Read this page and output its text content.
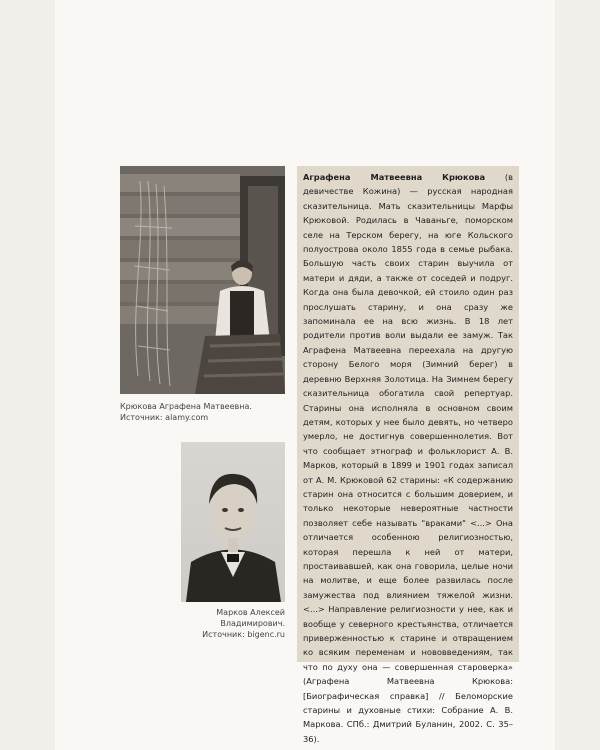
Крюкова Аграфена Матвеевна.
Источник: alamy.com
Марков Алексей
Владимирович.
Источник: bigenc.ru
Аграфена Матвеевна Крюкова (в девичестве Кожина) — русская народная сказительница. Мать сказительницы Марфы Крюковой. Родилась в Чаваньге, поморском селе на Терском берегу, на юге Кольского полуострова около 1855 года в семье рыбака. Большую часть своих старин выучила от матери и дяди, а также от соседей и подруг. Когда она была девочкой, ей стоило один раз прослушать старину, и она сразу же запоминала ее на всю жизнь. В 18 лет родители против воли выдали ее замуж. Так Аграфена Матвеевна переехала на другую сторону Белого моря (Зимний берег) в деревню Верхняя Золотица. На Зимнем берегу сказительница обогатила свой репертуар. Старины она исполняла в основном своим детям, которых у нее было девять, но четверо умерло, не достигнув совершеннолетия. Вот что сообщает этнограф и фольклорист А. В. Марков, который в 1899 и 1901 годах записал от А. М. Крюковой 62 старины: «К содержанию старин она относится с большим доверием, и только некоторые невероятные частности позволяет себе называть "враками" <...> Она отличается особенною религиозностью, которая перешла к ней от матери, простаивавшей, как она говорила, целые ночи на молитве, и еще более развилась после замужества под влиянием тяжелой жизни. <...> Направление религиозности у нее, как и вообще у северного крестьянства, отличается приверженностью к старине и отвращением ко всяким переменам и нововведениям, так что по духу она — совершенная староверка» (Аграфена Матвеевна Крюкова: [Биографическая справка] // Беломорские старины и духовные стихи: Собрание А. В. Маркова. СПб.: Дмитрий Буланин, 2002. С. 35–36).
